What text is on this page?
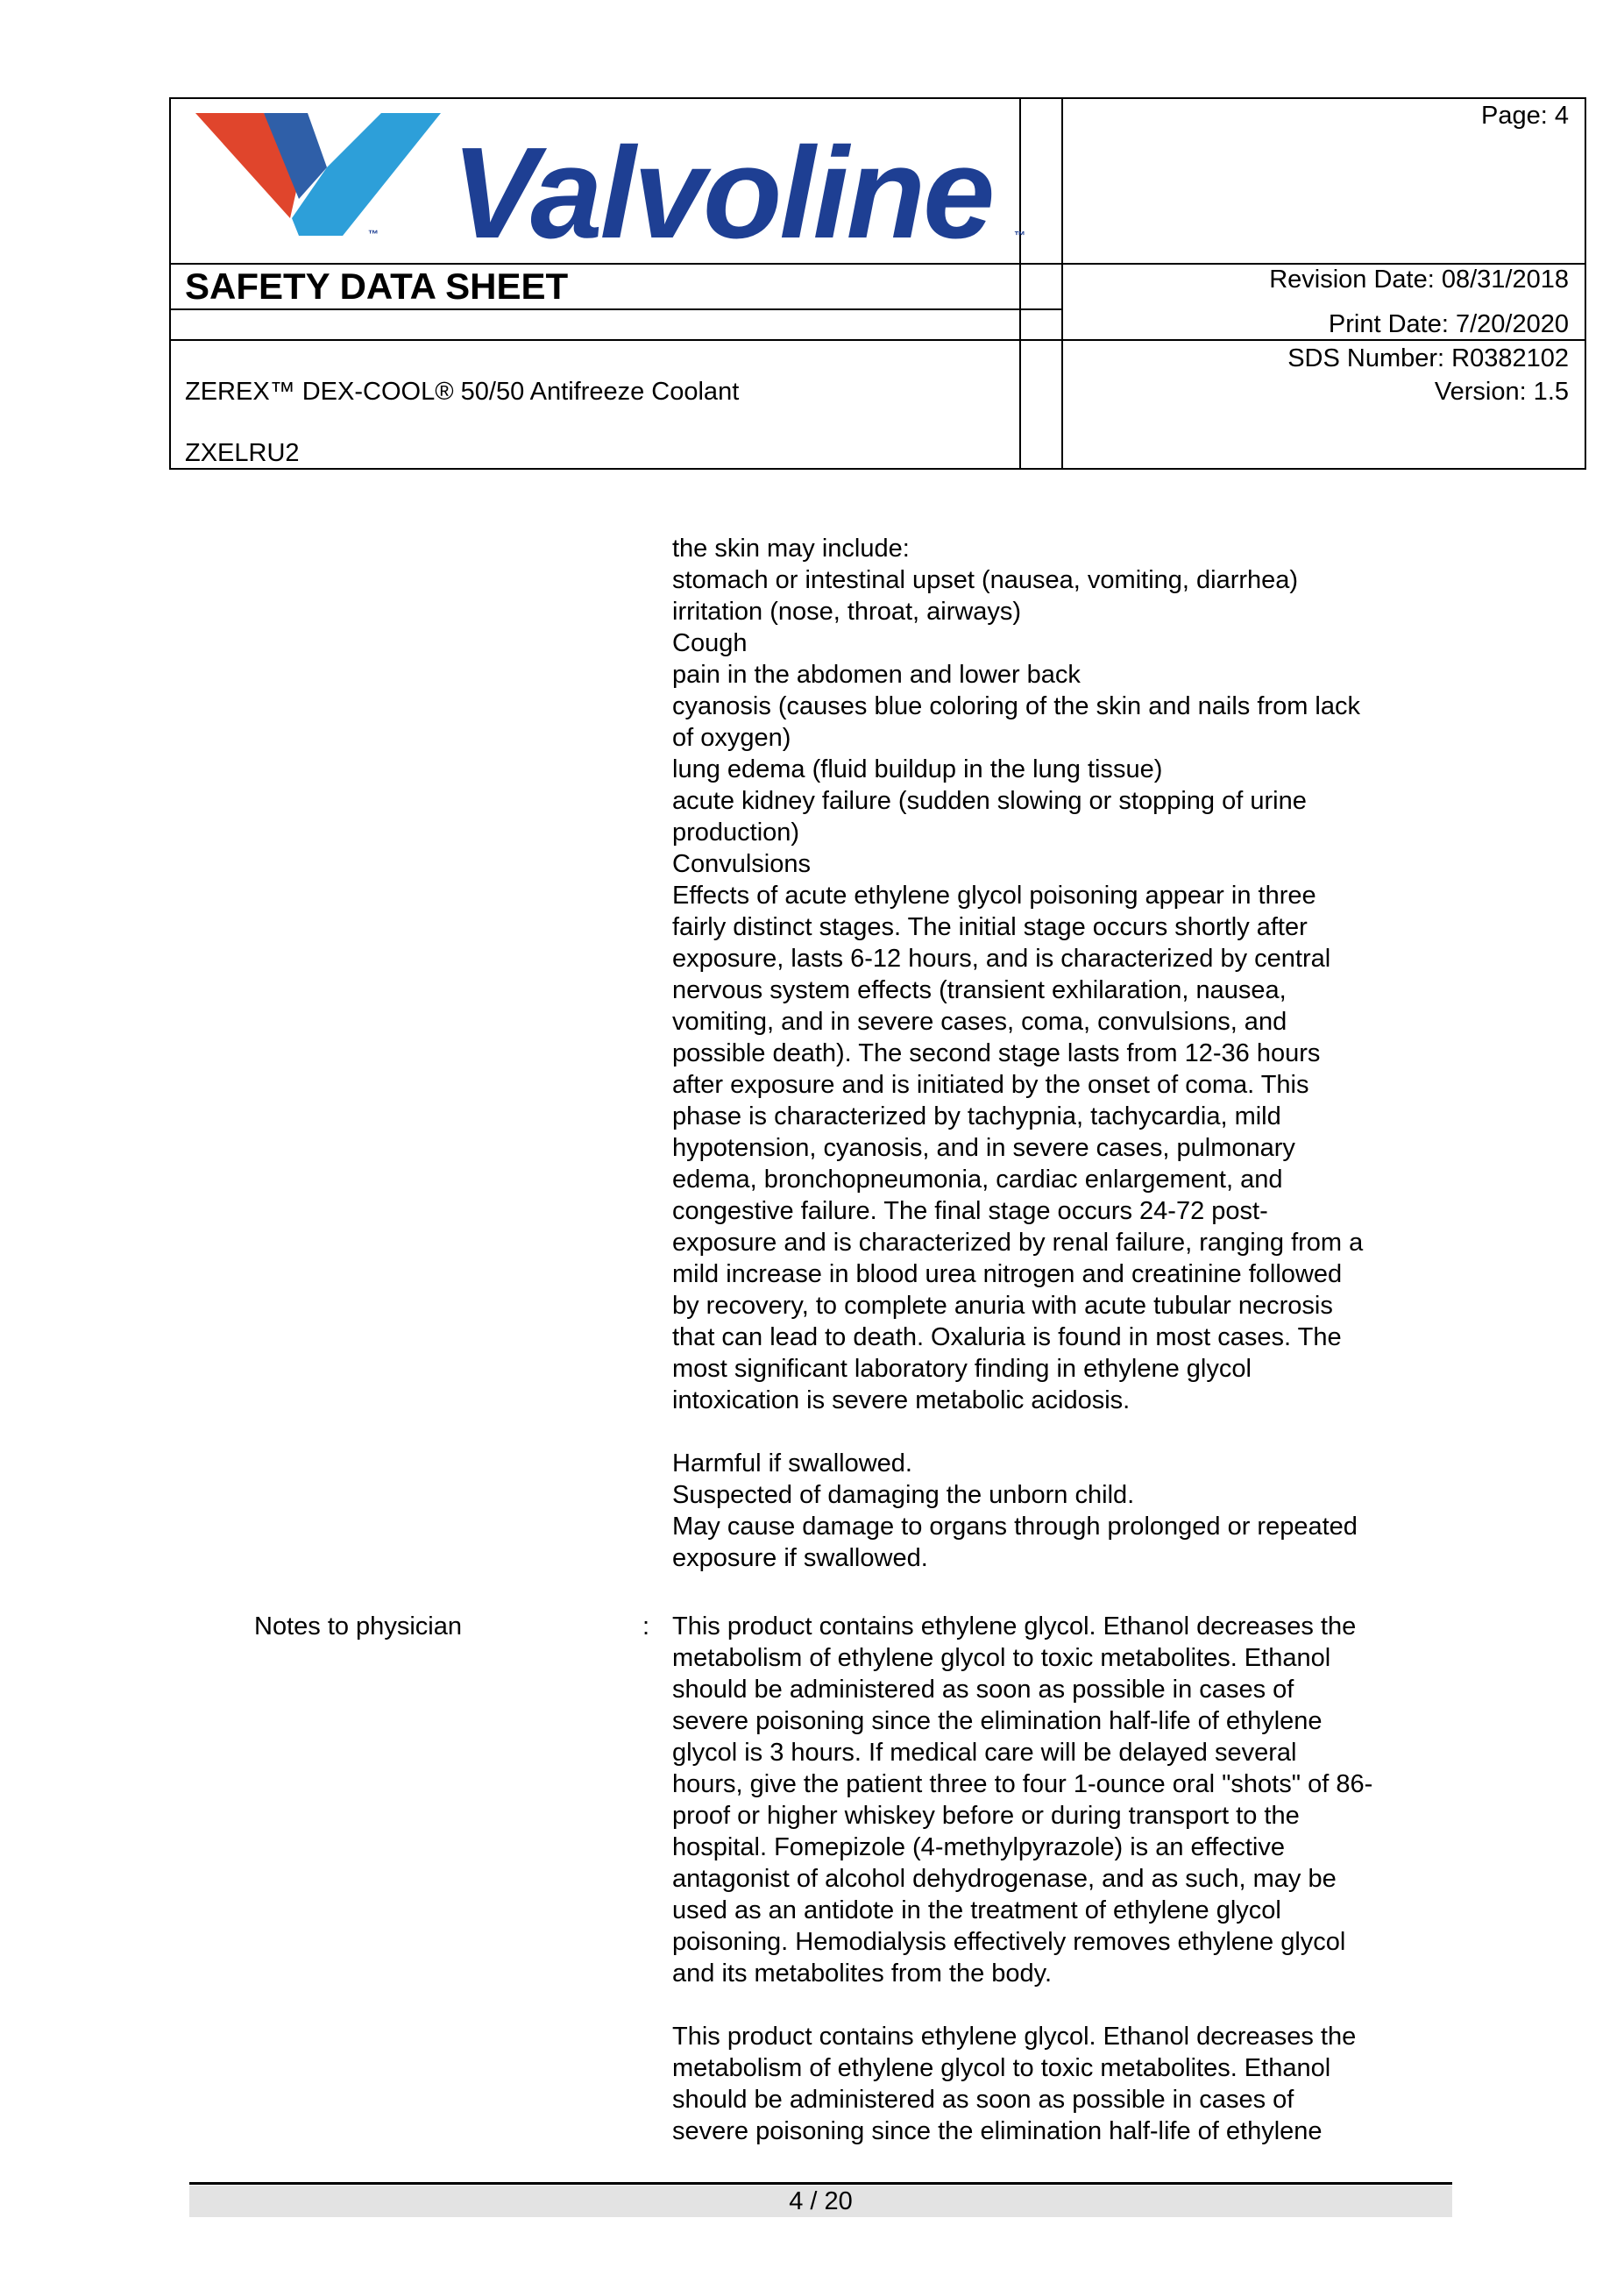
™ Valvoline ™
Page: 4
Revision Date: 08/31/2018
Print Date: 7/20/2020
SDS Number: R0382102
Version: 1.5
SAFETY DATA SHEET
ZEREX™ DEX-COOL® 50/50 Antifreeze Coolant
ZXELRU2
the skin may include:
stomach or intestinal upset (nausea, vomiting, diarrhea)
irritation (nose, throat, airways)
Cough
pain in the abdomen and lower back
cyanosis (causes blue coloring of the skin and nails from lack
of oxygen)
lung edema (fluid buildup in the lung tissue)
acute kidney failure (sudden slowing or stopping of urine
production)
Convulsions
Effects of acute ethylene glycol poisoning appear in three
fairly distinct stages. The initial stage occurs shortly after
exposure, lasts 6-12 hours, and is characterized by central
nervous system effects (transient exhilaration, nausea,
vomiting, and in severe cases, coma, convulsions, and
possible death). The second stage lasts from 12-36 hours
after exposure and is initiated by the onset of coma. This
phase is characterized by tachypnia, tachycardia, mild
hypotension, cyanosis, and in severe cases, pulmonary
edema, bronchopneumonia, cardiac enlargement, and
congestive failure. The final stage occurs 24-72 post-
exposure and is characterized by renal failure, ranging from a
mild increase in blood urea nitrogen and creatinine followed
by recovery, to complete anuria with acute tubular necrosis
that can lead to death. Oxaluria is found in most cases. The
most significant laboratory finding in ethylene glycol
intoxication is severe metabolic acidosis.
Harmful if swallowed.
Suspected of damaging the unborn child.
May cause damage to organs through prolonged or repeated
exposure if swallowed.
Notes to physician	: This product contains ethylene glycol. Ethanol decreases the
metabolism of ethylene glycol to toxic metabolites. Ethanol
should be administered as soon as possible in cases of
severe poisoning since the elimination half-life of ethylene
glycol is 3 hours. If medical care will be delayed several
hours, give the patient three to four 1-ounce oral "shots" of 86-
proof or higher whiskey before or during transport to the
hospital. Fomepizole (4-methylpyrazole) is an effective
antagonist of alcohol dehydrogenase, and as such, may be
used as an antidote in the treatment of ethylene glycol
poisoning. Hemodialysis effectively removes ethylene glycol
and its metabolites from the body.
This product contains ethylene glycol. Ethanol decreases the
metabolism of ethylene glycol to toxic metabolites. Ethanol
should be administered as soon as possible in cases of
severe poisoning since the elimination half-life of ethylene
4 / 20
